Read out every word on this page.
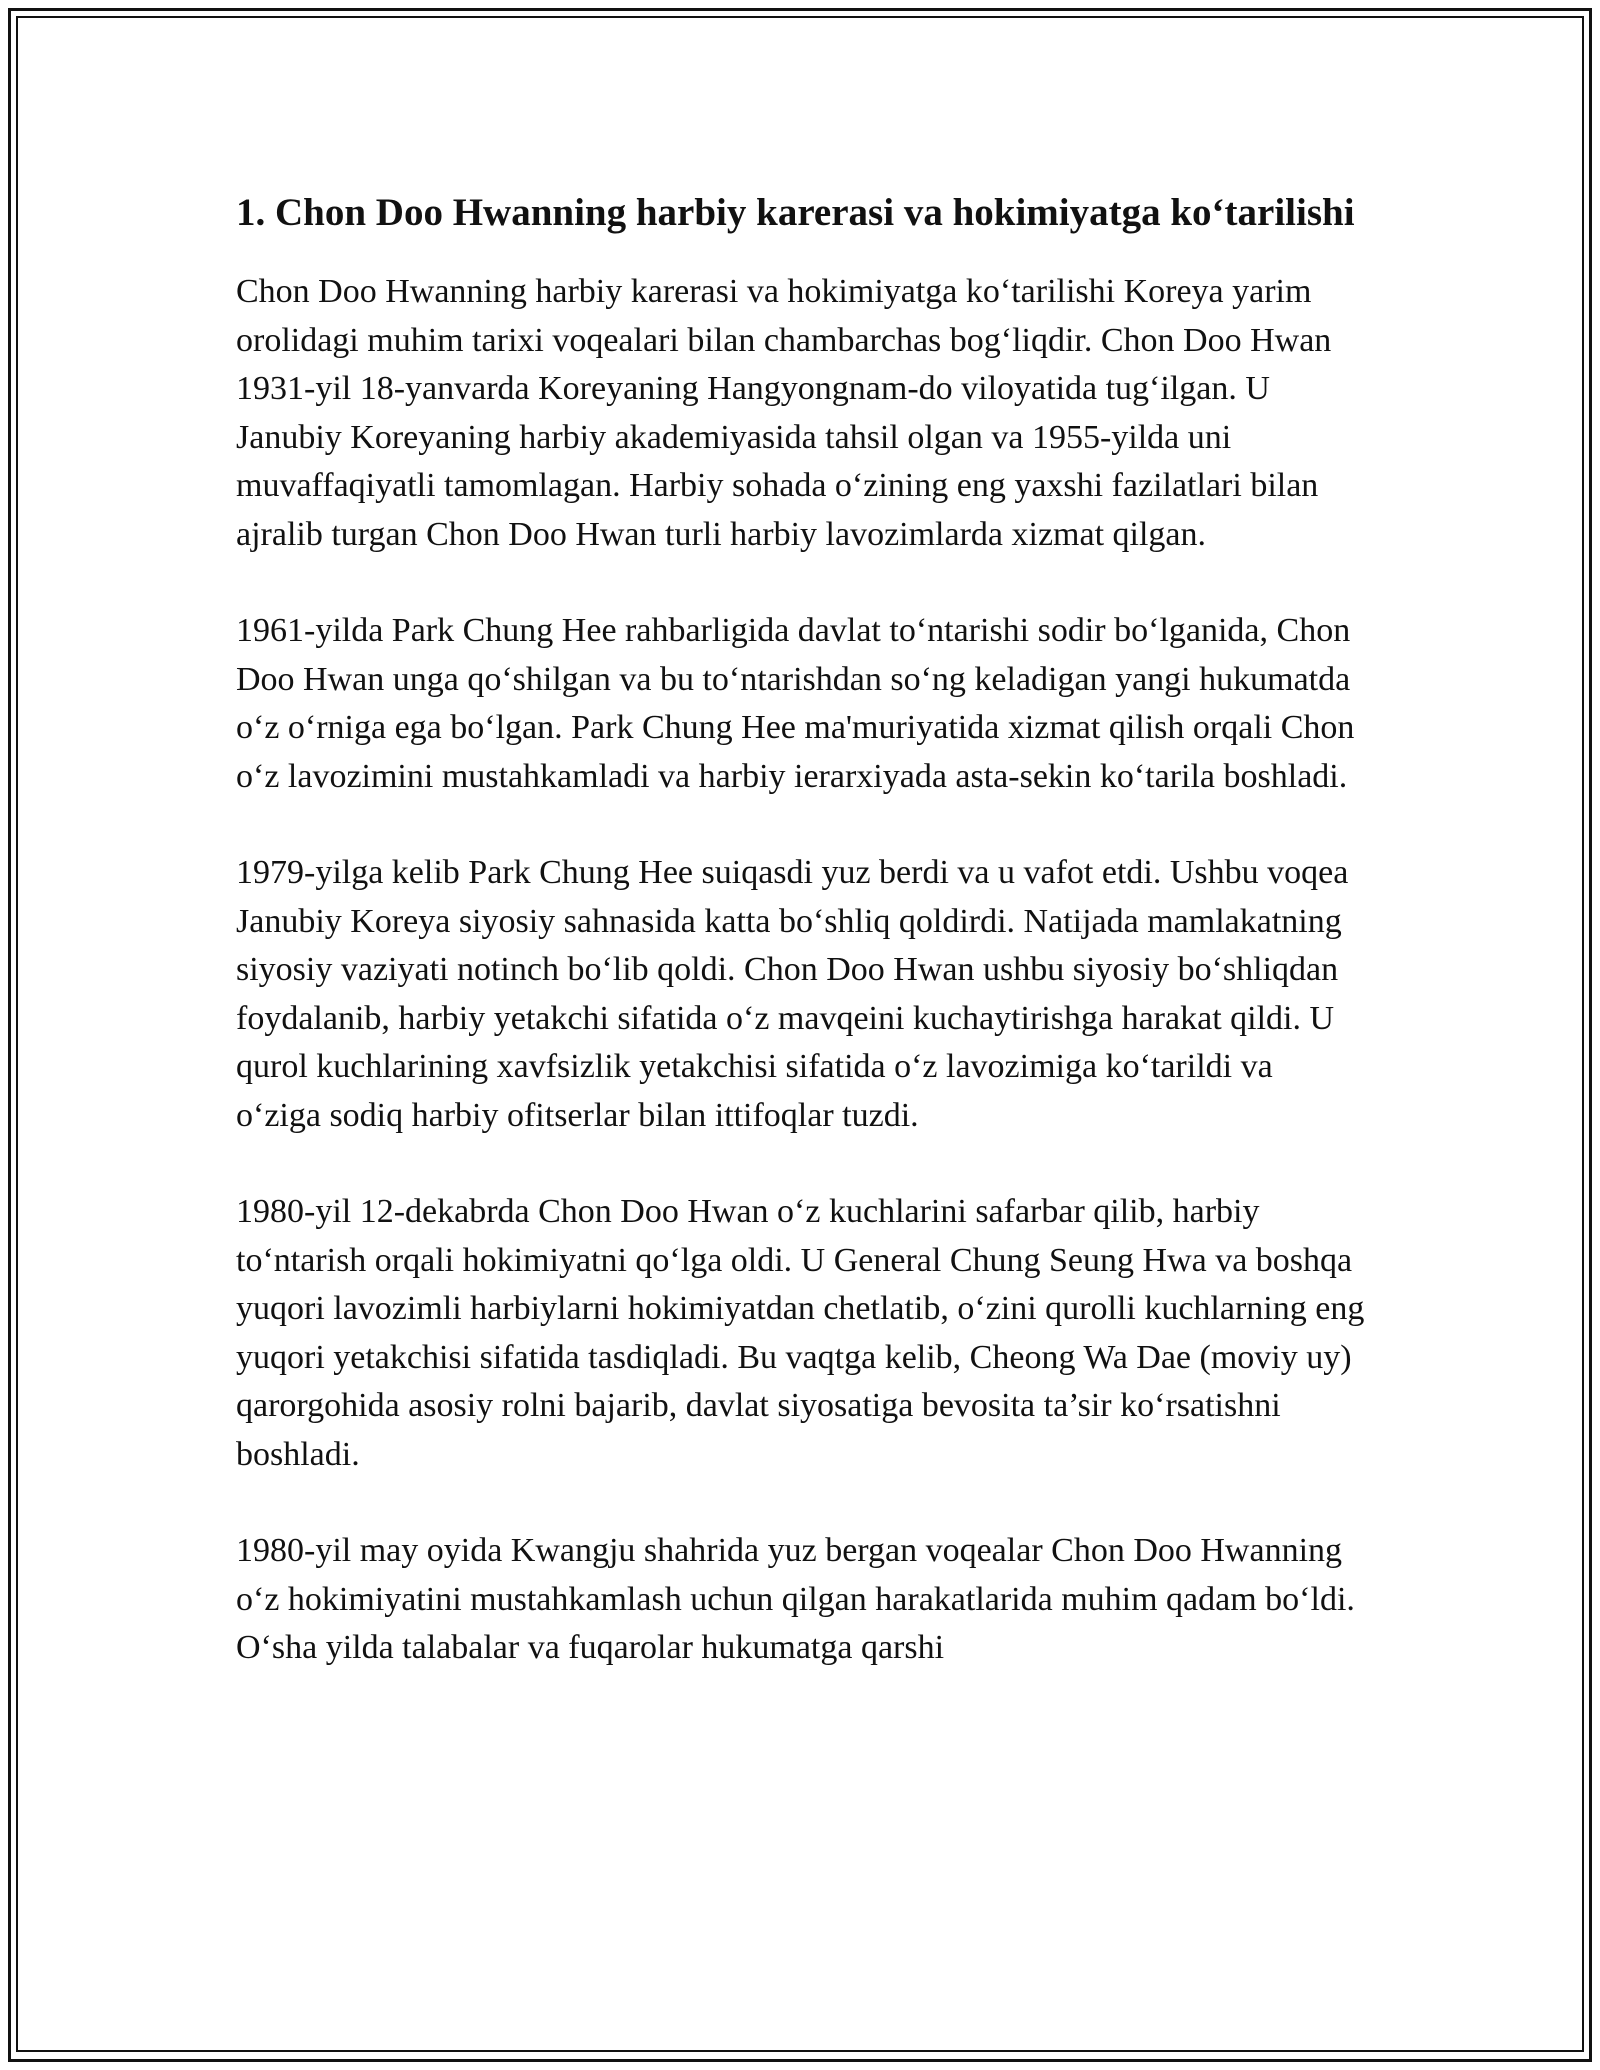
1. Chon Doo Hwanning harbiy karerasi va hokimiyatga ko‘tarilishi

Chon Doo Hwanning harbiy karerasi va hokimiyatga ko‘tarilishi Koreya yarim orolidagi muhim tarixi voqealari bilan chambarchas bog‘liqdir. Chon Doo Hwan 1931-yil 18-yanvarda Koreyaning Hangyongnam-do viloyatida tug‘ilgan. U Janubiy Koreyaning harbiy akademiyasida tahsil olgan va 1955-yilda uni muvaffaqiyatli tamomlagan. Harbiy sohada o‘zining eng yaxshi fazilatlari bilan ajralib turgan Chon Doo Hwan turli harbiy lavozimlarda xizmat qilgan.

1961-yilda Park Chung Hee rahbarligida davlat to‘ntarishi sodir bo‘lganida, Chon Doo Hwan unga qo‘shilgan va bu to‘ntarishdan so‘ng keladigan yangi hukumatda o‘z o‘rniga ega bo‘lgan. Park Chung Hee ma'muriyatida xizmat qilish orqali Chon o‘z lavozimini mustahkamladi va harbiy ierarxiyada asta-sekin ko‘tarila boshladi.

1979-yilga kelib Park Chung Hee suiqasdi yuz berdi va u vafot etdi. Ushbu voqea Janubiy Koreya siyosiy sahnasida katta bo‘shliq qoldirdi. Natijada mamlakatning siyosiy vaziyati notinch bo‘lib qoldi. Chon Doo Hwan ushbu siyosiy bo‘shliqdan foydalanib, harbiy yetakchi sifatida o‘z mavqeini kuchaytirishga harakat qildi. U qurol kuchlarining xavfsizlik yetakchisi sifatida o‘z lavozimiga ko‘tarildi va o‘ziga sodiq harbiy ofitserlar bilan ittifoqlar tuzdi.

1980-yil 12-dekabrda Chon Doo Hwan o‘z kuchlarini safarbar qilib, harbiy to‘ntarish orqali hokimiyatni qo‘lga oldi. U General Chung Seung Hwa va boshqa yuqori lavozimli harbiylarni hokimiyatdan chetlatib, o‘zini qurolli kuchlarning eng yuqori yetakchisi sifatida tasdiqladi. Bu vaqtga kelib, Cheong Wa Dae (moviy uy) qarorgohida asosiy rolni bajarib, davlat siyosatiga bevosita ta’sir ko‘rsatishni boshladi.

1980-yil may oyida Kwangju shahrida yuz bergan voqealar Chon Doo Hwanning o‘z hokimiyatini mustahkamlash uchun qilgan harakatlarida muhim qadam bo‘ldi. O‘sha yilda talabalar va fuqarolar hukumatga qarshi
